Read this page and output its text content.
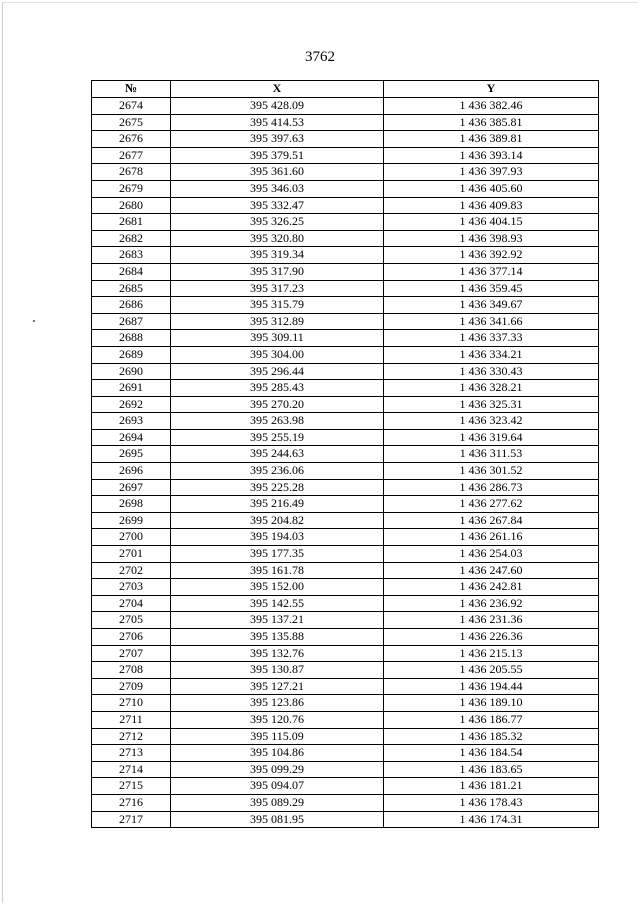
3762
№	X	Y
2674	395 428.09	1 436 382.46
2675	395 414.53	1 436 385.81
2676	395 397.63	1 436 389.81
2677	395 379.51	1 436 393.14
2678	395 361.60	1 436 397.93
2679	395 346.03	1 436 405.60
2680	395 332.47	1 436 409.83
2681	395 326.25	1 436 404.15
2682	395 320.80	1 436 398.93
2683	395 319.34	1 436 392.92
2684	395 317.90	1 436 377.14
2685	395 317.23	1 436 359.45
2686	395 315.79	1 436 349.67
2687	395 312.89	1 436 341.66
2688	395 309.11	1 436 337.33
2689	395 304.00	1 436 334.21
2690	395 296.44	1 436 330.43
2691	395 285.43	1 436 328.21
2692	395 270.20	1 436 325.31
2693	395 263.98	1 436 323.42
2694	395 255.19	1 436 319.64
2695	395 244.63	1 436 311.53
2696	395 236.06	1 436 301.52
2697	395 225.28	1 436 286.73
2698	395 216.49	1 436 277.62
2699	395 204.82	1 436 267.84
2700	395 194.03	1 436 261.16
2701	395 177.35	1 436 254.03
2702	395 161.78	1 436 247.60
2703	395 152.00	1 436 242.81
2704	395 142.55	1 436 236.92
2705	395 137.21	1 436 231.36
2706	395 135.88	1 436 226.36
2707	395 132.76	1 436 215.13
2708	395 130.87	1 436 205.55
2709	395 127.21	1 436 194.44
2710	395 123.86	1 436 189.10
2711	395 120.76	1 436 186.77
2712	395 115.09	1 436 185.32
2713	395 104.86	1 436 184.54
2714	395 099.29	1 436 183.65
2715	395 094.07	1 436 181.21
2716	395 089.29	1 436 178.43
2717	395 081.95	1 436 174.31
